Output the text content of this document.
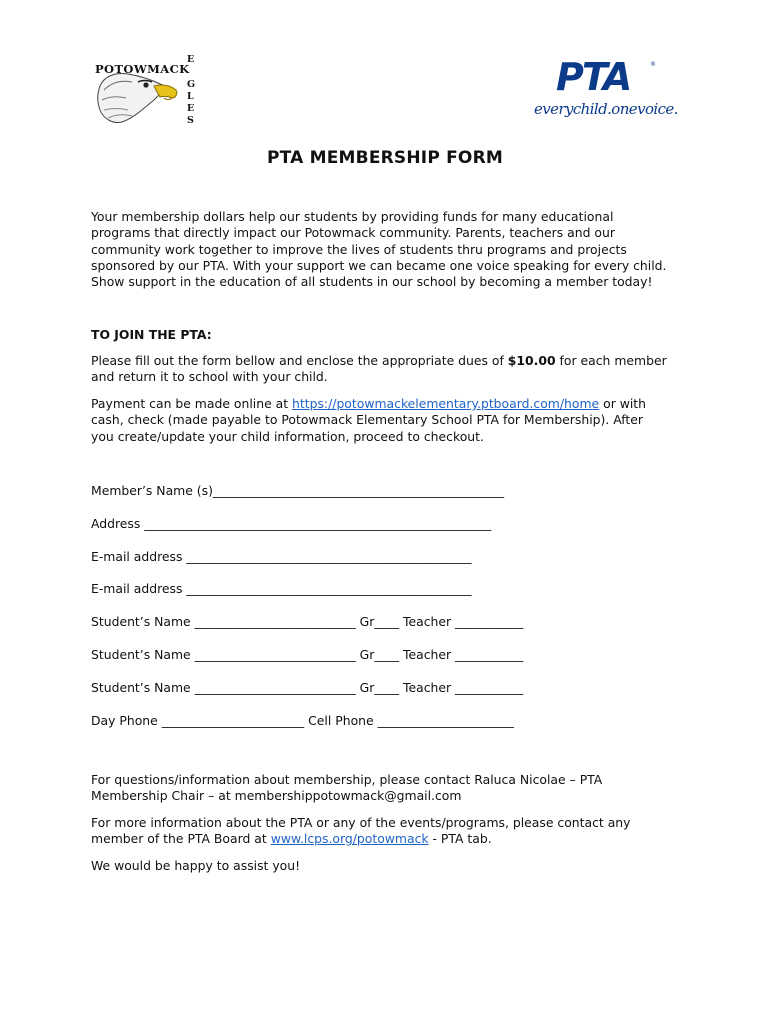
POTOWMACK
E
G
L
E
S
PTA	®
everychild.onevoice.
PTA MEMBERSHIP FORM
Your membership dollars help our students by providing funds for many educational
programs that directly impact our Potowmack community. Parents, teachers and our
community work together to improve the lives of students thru programs and projects
sponsored by our PTA. With your support we can became one voice speaking for every child.
Show support in the education of all students in our school by becoming a member today!
TO JOIN THE PTA:
Please fill out the form bellow and enclose the appropriate dues of $10.00 for each member
and return it to school with your child.
Payment can be made online at https://potowmackelementary.ptboard.com/home or with
cash, check (made payable to Potowmack Elementary School PTA for Membership). After
you create/update your child information, proceed to checkout.
Member’s Name (s)_______________________________________________
Address ________________________________________________________
E-mail address ______________________________________________
E-mail address ______________________________________________
Student’s Name __________________________ Gr____ Teacher ___________
Student’s Name __________________________ Gr____ Teacher ___________
Student’s Name __________________________ Gr____ Teacher ___________
Day Phone _______________________ Cell Phone ______________________
For questions/information about membership, please contact Raluca Nicolae – PTA
Membership Chair – at membershippotowmack@gmail.com
For more information about the PTA or any of the events/programs, please contact any
member of the PTA Board at www.lcps.org/potowmack - PTA tab.
We would be happy to assist you!
